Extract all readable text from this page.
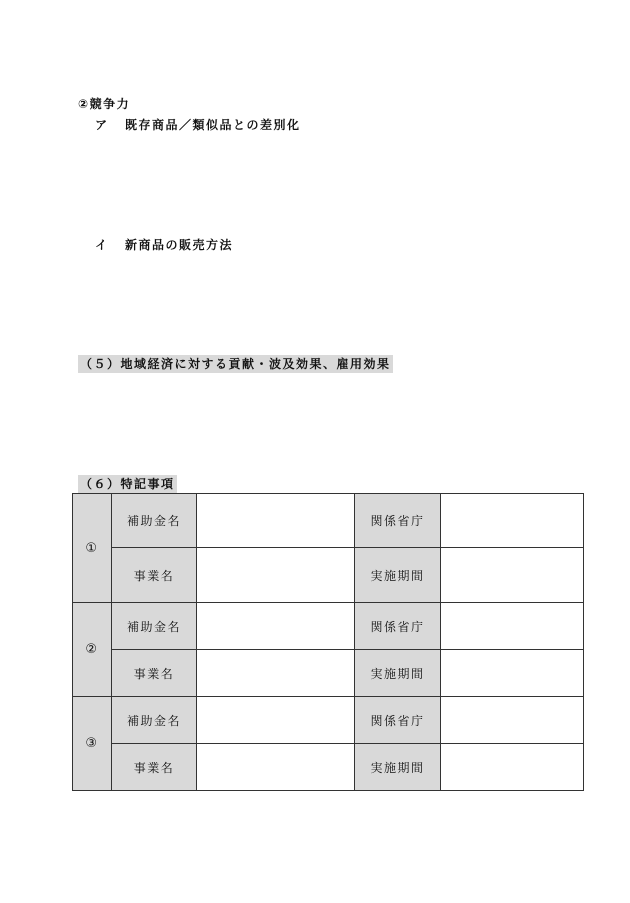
②競争力
ア 既存商品／類似品との差別化
イ 新商品の販売方法
（５）地域経済に対する貢献・波及効果、雇用効果
（６）特記事項
①	補助金名		関係省庁	
	事業名		実施期間	
②	補助金名		関係省庁	
	事業名		実施期間	
③	補助金名		関係省庁	
	事業名		実施期間	
